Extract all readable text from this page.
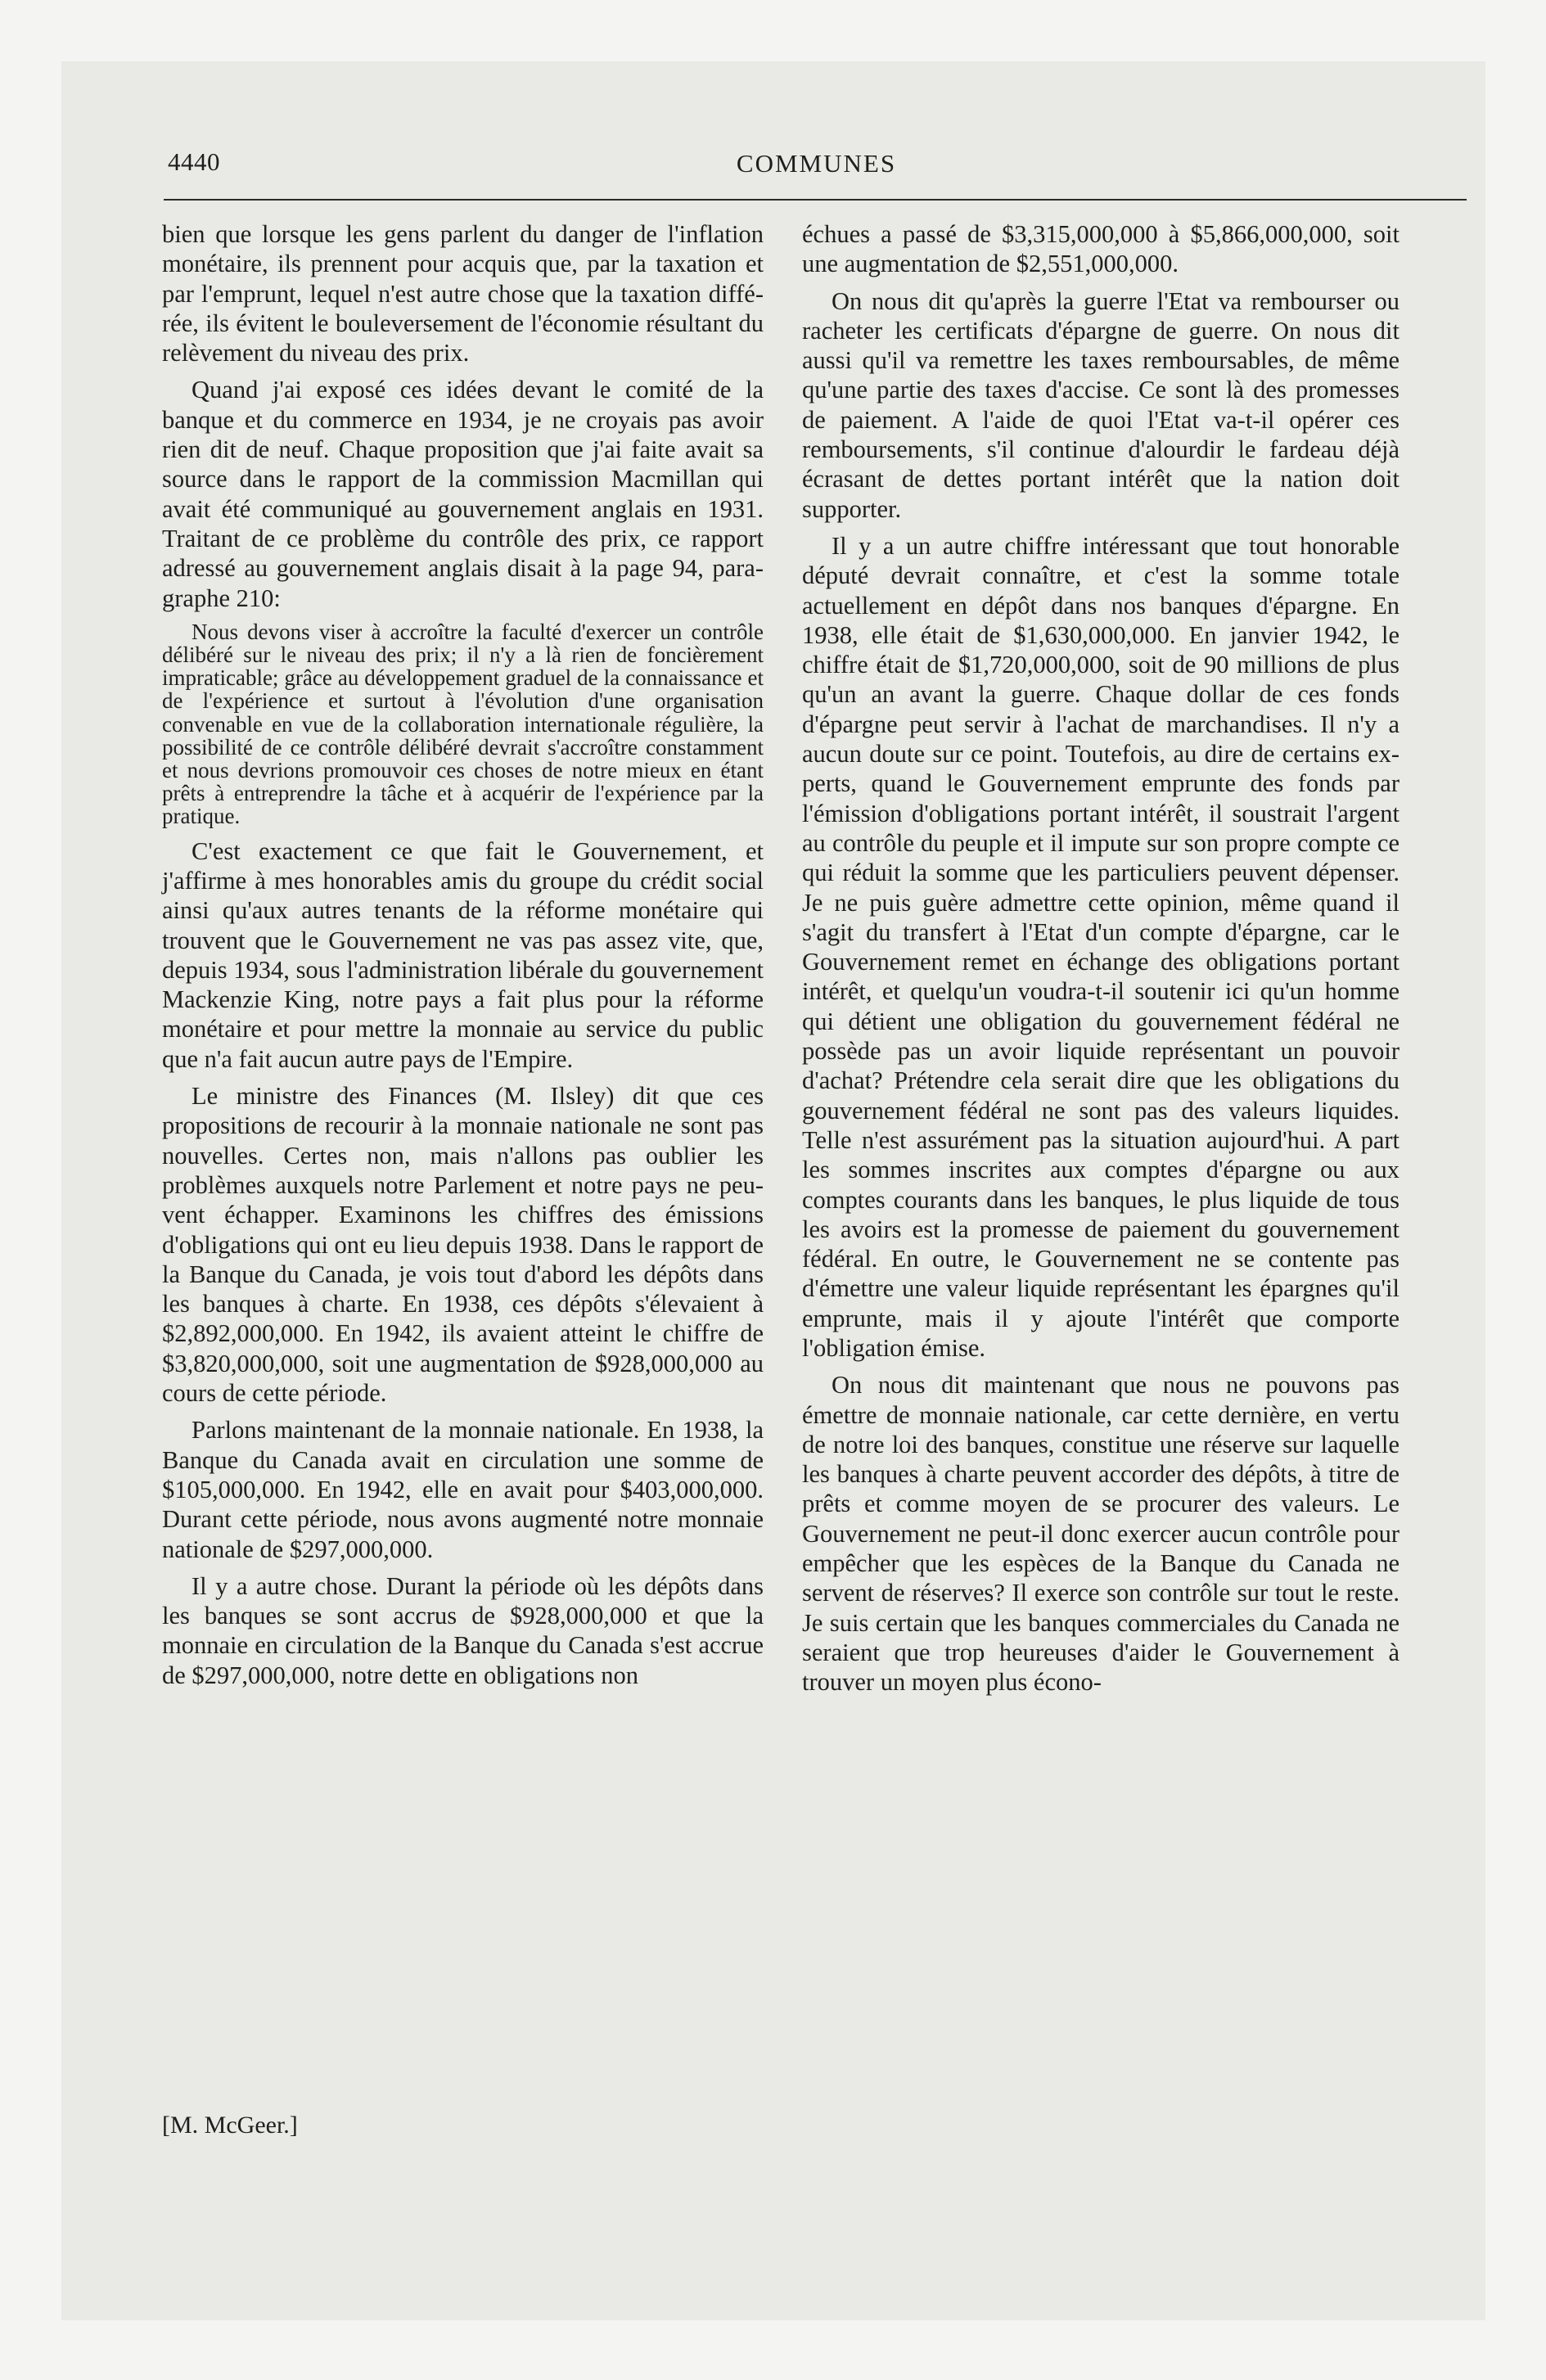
4440	COMMUNES

bien que lorsque les gens parlent du danger de l'inflation monétaire, ils prennent pour acquis que, par la taxation et par l'emprunt, lequel n'est autre chose que la taxation différée, ils évitent le bouleversement de l'économie résultant du relèvement du niveau des prix.

Quand j'ai exposé ces idées devant le comité de la banque et du commerce en 1934, je ne croyais pas avoir rien dit de neuf. Chaque proposition que j'ai faite avait sa source dans le rapport de la commission Macmillan qui avait été communiqué au gouvernement anglais en 1931. Traitant de ce problème du contrôle des prix, ce rapport adressé au gouvernement anglais disait à la page 94, paragraphe 210:

Nous devons viser à accroître la faculté d'exercer un contrôle délibéré sur le niveau des prix; il n'y a là rien de foncièrement impraticable; grâce au développement graduel de la connaissance et de l'expérience et surtout à l'évolution d'une organisation convenable en vue de la collaboration internationale régulière, la possibilité de ce contrôle délibéré devrait s'accroître constamment et nous devrions promouvoir ces choses de notre mieux en étant prêts à entreprendre la tâche et à acquérir de l'expérience par la pratique.

C'est exactement ce que fait le Gouvernement, et j'affirme à mes honorables amis du groupe du crédit social ainsi qu'aux autres tenants de la réforme monétaire qui trouvent que le Gouvernement ne vas pas assez vite, que, depuis 1934, sous l'administration libérale du gouvernement Mackenzie King, notre pays a fait plus pour la réforme monétaire et pour mettre la monnaie au service du public que n'a fait aucun autre pays de l'Empire.

Le ministre des Finances (M. Ilsley) dit que ces propositions de recourir à la monnaie nationale ne sont pas nouvelles. Certes non, mais n'allons pas oublier les problèmes auxquels notre Parlement et notre pays ne peuvent échapper. Examinons les chiffres des émissions d'obligations qui ont eu lieu depuis 1938. Dans le rapport de la Banque du Canada, je vois tout d'abord les dépôts dans les banques à charte. En 1938, ces dépôts s'élevaient à $2,892,000,000. En 1942, ils avaient atteint le chiffre de $3,820,000,000, soit une augmentation de $928,000,000 au cours de cette période.

Parlons maintenant de la monnaie nationale. En 1938, la Banque du Canada avait en circulation une somme de $105,000,000. En 1942, elle en avait pour $403,000,000. Durant cette période, nous avons augmenté notre monnaie nationale de $297,000,000.

Il y a autre chose. Durant la période où les dépôts dans les banques se sont accrus de $928,000,000 et que la monnaie en circulation de la Banque du Canada s'est accrue de $297,000,000, notre dette en obligations non

échues a passé de $3,315,000,000 à $5,866,000,000, soit une augmentation de $2,551,000,000.

On nous dit qu'après la guerre l'Etat va rembourser ou racheter les certificats d'épargne de guerre. On nous dit aussi qu'il va remettre les taxes remboursables, de même qu'une partie des taxes d'accise. Ce sont là des promesses de paiement. A l'aide de quoi l'Etat va-t-il opérer ces remboursements, s'il continue d'alourdir le fardeau déjà écrasant de dettes portant intérêt que la nation doit supporter.

Il y a un autre chiffre intéressant que tout honorable député devrait connaître, et c'est la somme totale actuellement en dépôt dans nos banques d'épargne. En 1938, elle était de $1,630,000,000. En janvier 1942, le chiffre était de $1,720,000,000, soit de 90 millions de plus qu'un an avant la guerre. Chaque dollar de ces fonds d'épargne peut servir à l'achat de marchandises. Il n'y a aucun doute sur ce point. Toutefois, au dire de certains experts, quand le Gouvernement emprunte des fonds par l'émission d'obligations portant intérêt, il soustrait l'argent au contrôle du peuple et il impute sur son propre compte ce qui réduit la somme que les particuliers peuvent dépenser. Je ne puis guère admettre cette opinion, même quand il s'agit du transfert à l'Etat d'un compte d'épargne, car le Gouvernement remet en échange des obligations portant intérêt, et quelqu'un voudra-t-il soutenir ici qu'un homme qui détient une obligation du gouvernement fédéral ne possède pas un avoir liquide représentant un pouvoir d'achat? Prétendre cela serait dire que les obligations du gouvernement fédéral ne sont pas des valeurs liquides. Telle n'est assurément pas la situation aujourd'hui. A part les sommes inscrites aux comptes d'épargne ou aux comptes courants dans les banques, le plus liquide de tous les avoirs est la promesse de paiement du gouvernement fédéral. En outre, le Gouvernement ne se contente pas d'émettre une valeur liquide représentant les épargnes qu'il emprunte, mais il y ajoute l'intérêt que comporte l'obligation émise.

On nous dit maintenant que nous ne pouvons pas émettre de monnaie nationale, car cette dernière, en vertu de notre loi des banques, constitue une réserve sur laquelle les banques à charte peuvent accorder des dépôts, à titre de prêts et comme moyen de se procurer des valeurs. Le Gouvernement ne peut-il donc exercer aucun contrôle pour empêcher que les espèces de la Banque du Canada ne servent de réserves? Il exerce son contrôle sur tout le reste. Je suis certain que les banques commerciales du Canada ne seraient que trop heureuses d'aider le Gouvernement à trouver un moyen plus écono-

[M. McGeer.]
